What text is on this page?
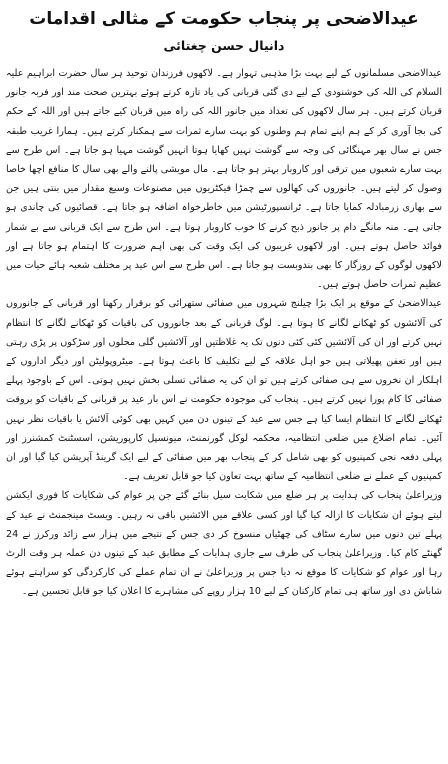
عیدالاضحی پر پنجاب حکومت کے مثالی اقدامات
دانیال حسن چغتائی

عیدالاضحی مسلمانوں کے لیے بہت بڑا مذہبی تہوار ہے۔ لاکھوں فرزندان توحید ہر سال حضرت ابراہیم علیہ السلام کی اللہ کی خوشنودی کے لیے دی گئی قربانی کی یاد تازہ کرتے ہوئے بہترین صحت مند اور فربہ جانور قربان کرتے ہیں۔ ہر سال لاکھوں کی تعداد میں جانور اللہ کی راہ میں قربان کیے جاتے ہیں اور اللہ کے حکم کی بجا آوری کر کے ہم اپنے تمام ہم وطنوں کو بہت سارے ثمرات سے ہمکنار کرتے ہیں۔ ہمارا غریب طبقہ جس نے سال بھر مہنگائی کی وجہ سے گوشت نہیں کھایا ہوتا انہیں گوشت مہیا ہو جاتا ہے۔ اس طرح سے بہت سارے شعبوں میں ترقی اور کاروبار بہتر ہو جاتا ہے۔ مال مویشی پالنے والے بھی سال کا منافع اچھا خاصا وصول کر لیتے ہیں۔ جانوروں کی کھالوں سے چمڑا فیکٹریوں میں مصنوعات وسیع مقدار میں بنتی ہیں جن سے بھاری زرمبادلہ کمایا جاتا ہے۔ ٹرانسپورٹیشن میں خاطرخواہ اضافہ ہو جاتا ہے۔ قصائیوں کی چاندی ہو جاتی ہے۔ منہ مانگے دام پر جانور ذبح کرنے کا خوب کاروبار ہوتا ہے۔ اس طرح سے ایک قربانی سے بے شمار فوائد حاصل ہوتے ہیں۔ اور لاکھوں غریبوں کی ایک وقت کی بھی اہم ضرورت کا اہتمام ہو جاتا ہے اور لاکھوں لوگوں کے روزگار کا بھی بندوبست ہو جاتا ہے۔ اس طرح سے اس عید پر مختلف شعبہ ہائے حیات میں عظیم ثمرات حاصل ہوتے ہیں۔

عیدالاضحیٰ کے موقع پر ایک بڑا چیلنج شہروں میں صفائی ستھرائی کو برقرار رکھنا اور قربانی کے جانوروں کی آلائشوں کو ٹھکانے لگانے کا ہوتا ہے۔ لوگ قربانی کے بعد جانوروں کی باقیات کو ٹھکانے لگانے کا انتظام نہیں کرتے اور ان کی آلائشیں کئی کئی دنوں تک یہ غلاظتیں اور آلائشیں گلی محلوں اور سڑکوں پر پڑی رہتی ہیں اور تعفن پھیلاتی ہیں جو اہل علاقہ کے لیے تکلیف کا باعث ہوتا ہے۔ میٹروپولیٹن اور دیگر اداروں کے اہلکار ان نخروں سے ہی صفائی کرتے ہیں تو ان کی یہ صفائی تسلی بخش نہیں ہوتی۔ اس کے باوجود پہلے صفائی کا کام پورا نہیں کرتے ہیں۔ پنجاب کی موجودہ حکومت نے اس بار عید پر قربانی کے باقیات کو بروقت ٹھکانے لگانے کا انتظام ایسا کیا ہے جس سے عید کے تینوں دن میں کہیں بھی کوئی آلائش یا باقیات نظر نہیں آئیں۔ تمام اضلاع میں ضلعی انتظامیہ، محکمہ لوکل گورنمنٹ، میونسپل کارپوریشن، اسسٹنٹ کمشنرز اور پہلی دفعہ نجی کمپنیوں کو بھی شامل کر کے پنجاب بھر میں صفائی کے لیے ایک گرینڈ آپریشن کیا گیا اور ان کمپنیوں کے عملے نے ضلعی انتظامیہ کے ساتھ بہت تعاون کیا جو قابل تعریف ہے۔

وزیراعلیٰ پنجاب کی ہدایت پر ہر ضلع میں شکایت سیل بنائے گئے جن پر عوام کی شکایات کا فوری ایکشن لیتے ہوئے ان شکایات کا ازالہ کیا گیا اور کسی علاقے میں الائشیں باقی نہ رہیں۔ ویسٹ مینجمنٹ نے عید کے پہلے تین دنوں میں سارے سٹاف کی چھٹیاں منسوخ کر دی جس کے نتیجے میں ہزار سے زائد ورکرز نے 24 گھنٹے کام کیا۔ وزیراعلیٰ پنجاب کی طرف سے جاری ہدایات کے مطابق عید کے تینوں دن عملہ ہر وقت الرٹ رہا اور عوام کو شکایات کا موقع نہ دیا جس پر وزیراعلیٰ نے ان تمام عملے کی کارکردگی کو سراہتے ہوئے شاباش دی اور ساتھ ہی تمام کارکنان کے لیے 10 ہزار روپے کی مشاہرے کا اعلان کیا جو قابل تحسین ہے۔
